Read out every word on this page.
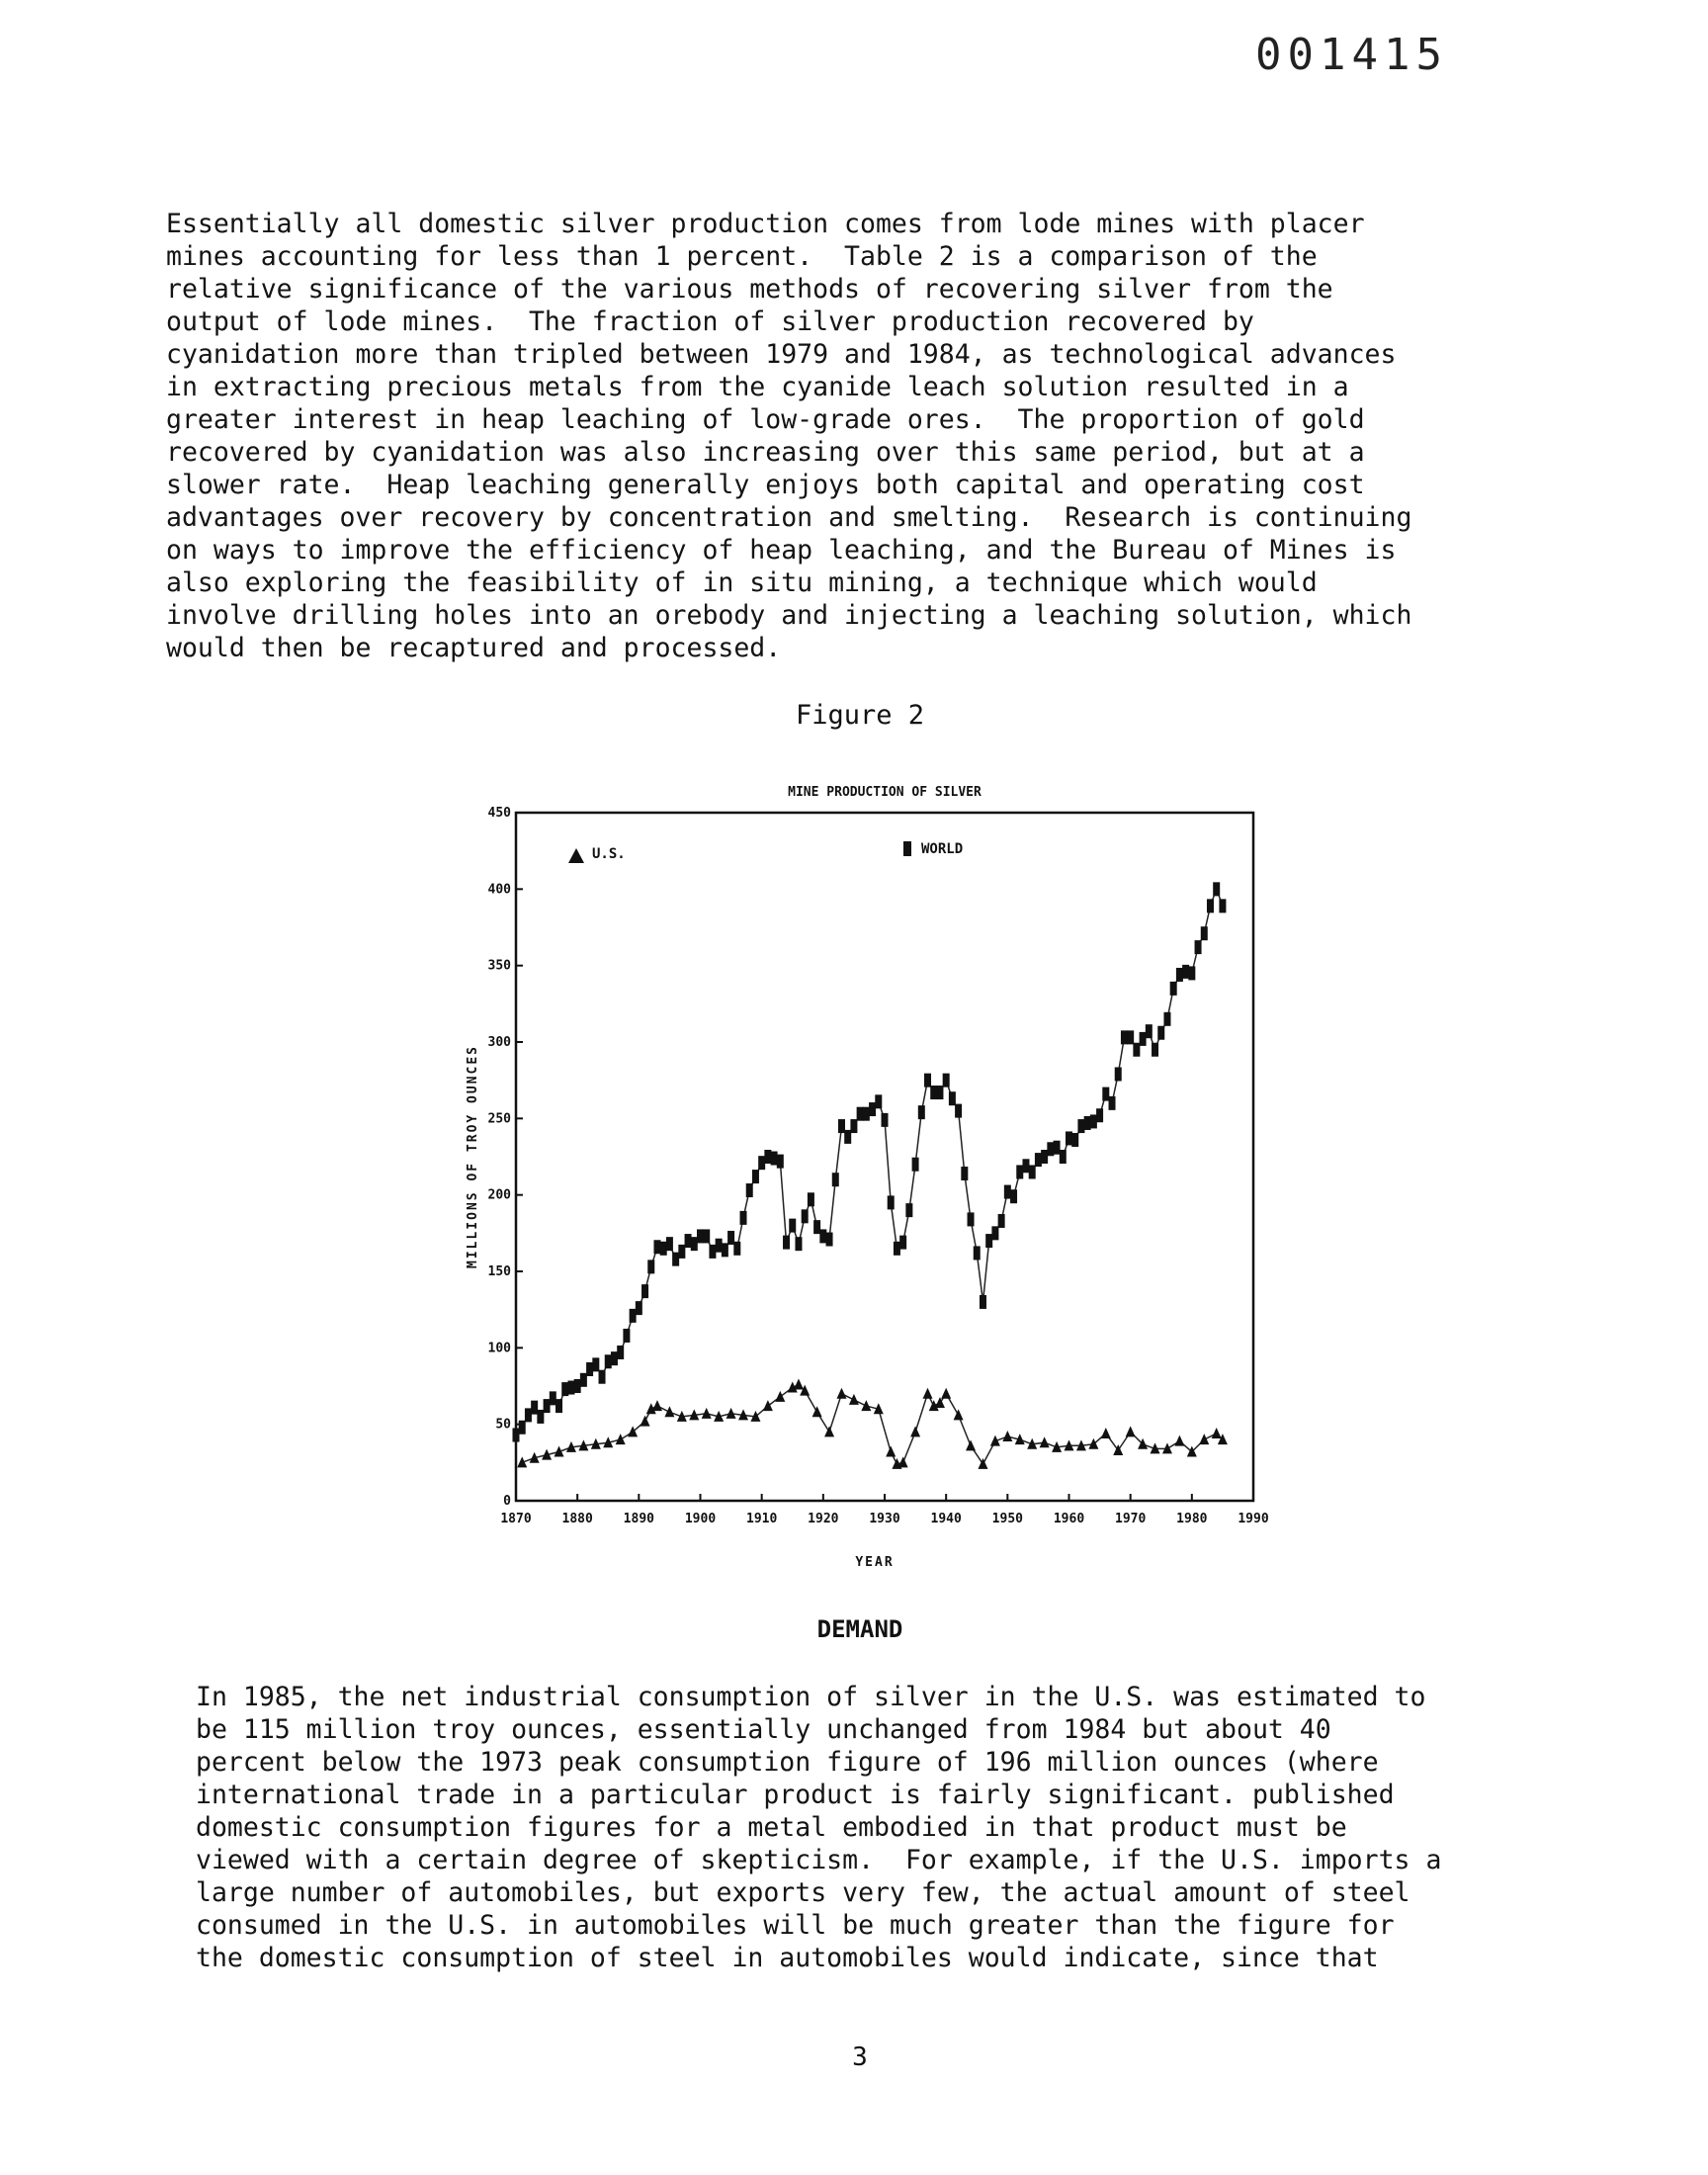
001415
Essentially all domestic silver production comes from lode mines with placer
mines accounting for less than 1 percent.  Table 2 is a comparison of the
relative significance of the various methods of recovering silver from the
output of lode mines.  The fraction of silver production recovered by
cyanidation more than tripled between 1979 and 1984, as technological advances
in extracting precious metals from the cyanide leach solution resulted in a
greater interest in heap leaching of low-grade ores.  The proportion of gold
recovered by cyanidation was also increasing over this same period, but at a
slower rate.  Heap leaching generally enjoys both capital and operating cost
advantages over recovery by concentration and smelting.  Research is continuing
on ways to improve the efficiency of heap leaching, and the Bureau of Mines is
also exploring the feasibility of in situ mining, a technique which would
involve drilling holes into an orebody and injecting a leaching solution, which
would then be recaptured and processed.
Figure 2
MINE PRODUCTION OF SILVER
YEAR
MILLIONS OF TROY OUNCES
U.S.	WORLD
0
50
100
150
200
250
300
350
400
450
1870 1880 1890 1900 1910 1920 1930 1940 1950 1960 1970 1980 1990
DEMAND
In 1985, the net industrial consumption of silver in the U.S. was estimated to
be 115 million troy ounces, essentially unchanged from 1984 but about 40
percent below the 1973 peak consumption figure of 196 million ounces (where
international trade in a particular product is fairly significant. published
domestic consumption figures for a metal embodied in that product must be
viewed with a certain degree of skepticism.  For example, if the U.S. imports a
large number of automobiles, but exports very few, the actual amount of steel
consumed in the U.S. in automobiles will be much greater than the figure for
the domestic consumption of steel in automobiles would indicate, since that
3
